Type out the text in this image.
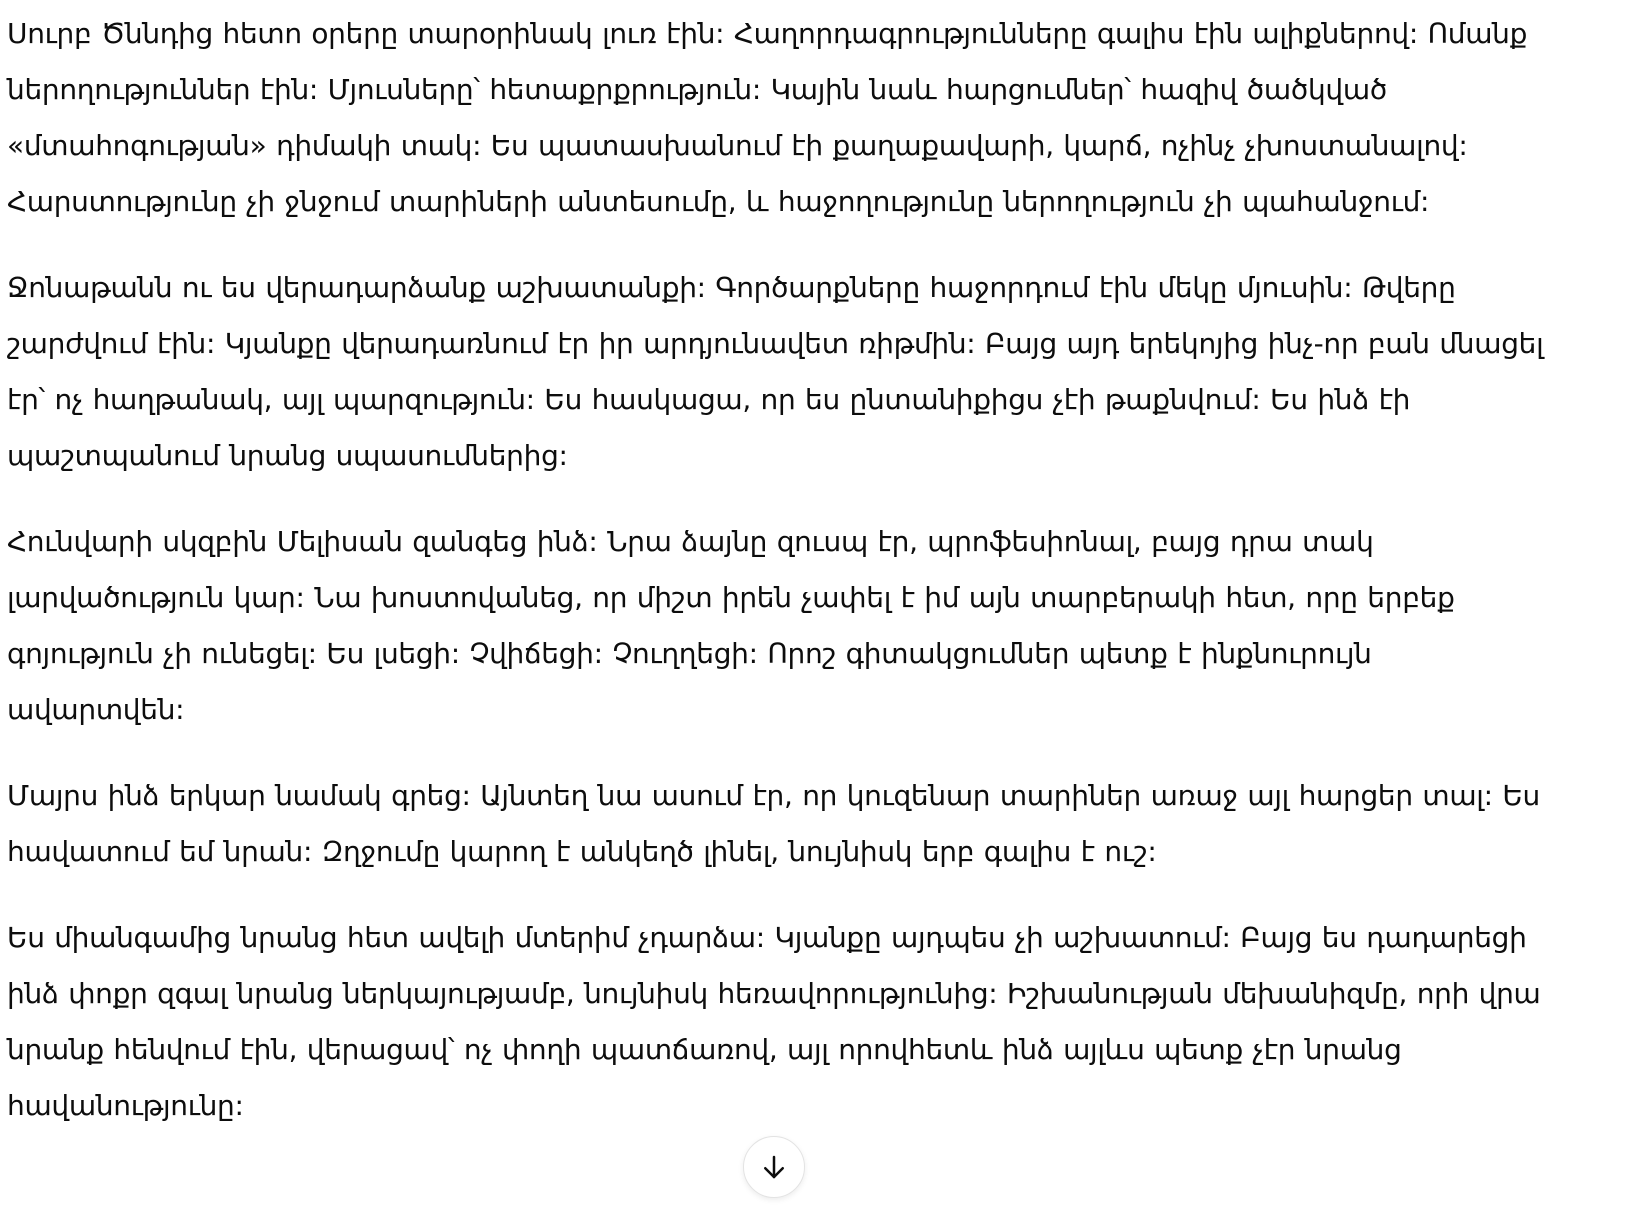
Սուրբ Ծննդից հետո օրերը տարօրինակ լուռ էին: Հաղորդագրությունները գալիս էին ալիքներով: Ոմանք ներողություններ էին: Մյուսները՝ հետաքրքրություն: Կային նաև հարցումներ՝ հազիվ ծածկված «մտահոգության» դիմակի տակ: Ես պատասխանում էի քաղաքավարի, կարճ, ոչինչ չխոստանալով: Հարստությունը չի ջնջում տարիների անտեսումը, և հաջողությունը ներողություն չի պահանջում:

Ջոնաթանն ու ես վերադարձանք աշխատանքի: Գործարքները հաջորդում էին մեկը մյուսին: Թվերը շարժվում էին: Կյանքը վերադառնում էր իր արդյունավետ ռիթմին: Բայց այդ երեկոյից ինչ-որ բան մնացել էր՝ ոչ հաղթանակ, այլ պարզություն: Ես հասկացա, որ ես ընտանիքիցս չէի թաքնվում: Ես ինձ էի պաշտպանում նրանց սպասումներից:

Հունվարի սկզբին Մելիսան զանգեց ինձ: Նրա ձայնը զուսպ էր, պրոֆեսիոնալ, բայց դրա տակ լարվածություն կար: Նա խոստովանեց, որ միշտ իրեն չափել է իմ այն տարբերակի հետ, որը երբեք գոյություն չի ունեցել: Ես լսեցի: Չվիճեցի: Չուղղեցի: Որոշ գիտակցումներ պետք է ինքնուրույն ավարտվեն:

Մայրս ինձ երկար նամակ գրեց: Այնտեղ նա ասում էր, որ կուզենար տարիներ առաջ այլ հարցեր տալ: Ես հավատում եմ նրան: Զղջումը կարող է անկեղծ լինել, նույնիսկ երբ գալիս է ուշ:

Ես միանգամից նրանց հետ ավելի մտերիմ չդարձա: Կյանքը այդպես չի աշխատում: Բայց ես դադարեցի ինձ փոքր զգալ նրանց ներկայությամբ, նույնիսկ հեռավորությունից: Իշխանության մեխանիզմը, որի վրա նրանք հենվում էին, վերացավ՝ ոչ փողի պատճառով, այլ որովհետև ինձ այլևս պետք չէր նրանց հավանությունը:
